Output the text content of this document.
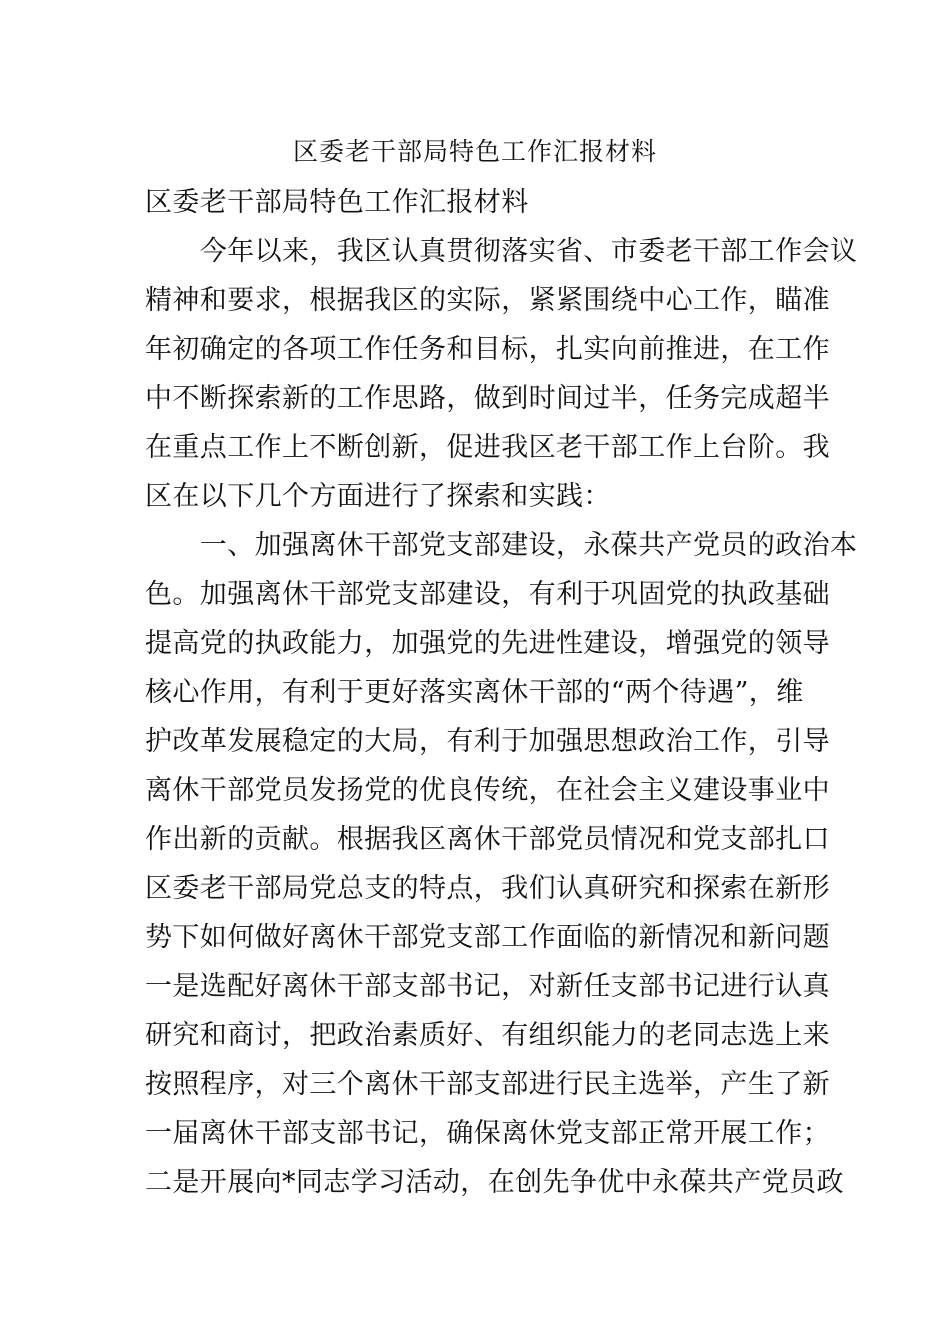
区委老干部局特色工作汇报材料
区委老干部局特色工作汇报材料
　　今年以来，我区认真贯彻落实省、市委老干部工作会议
精神和要求，根据我区的实际，紧紧围绕中心工作，瞄准
年初确定的各项工作任务和目标，扎实向前推进，在工作
中不断探索新的工作思路，做到时间过半，任务完成超半
在重点工作上不断创新，促进我区老干部工作上台阶。我
区在以下几个方面进行了探索和实践：
　　一、加强离休干部党支部建设，永葆共产党员的政治本
色。加强离休干部党支部建设，有利于巩固党的执政基础
提高党的执政能力，加强党的先进性建设，增强党的领导
核心作用，有利于更好落实离休干部的“两个待遇”，维
护改革发展稳定的大局，有利于加强思想政治工作，引导
离休干部党员发扬党的优良传统，在社会主义建设事业中
作出新的贡献。根据我区离休干部党员情况和党支部扎口
区委老干部局党总支的特点，我们认真研究和探索在新形
势下如何做好离休干部党支部工作面临的新情况和新问题
一是选配好离休干部支部书记，对新任支部书记进行认真
研究和商讨，把政治素质好、有组织能力的老同志选上来
按照程序，对三个离休干部支部进行民主选举，产生了新
一届离休干部支部书记，确保离休党支部正常开展工作；
二是开展向*同志学习活动，在创先争优中永葆共产党员政
